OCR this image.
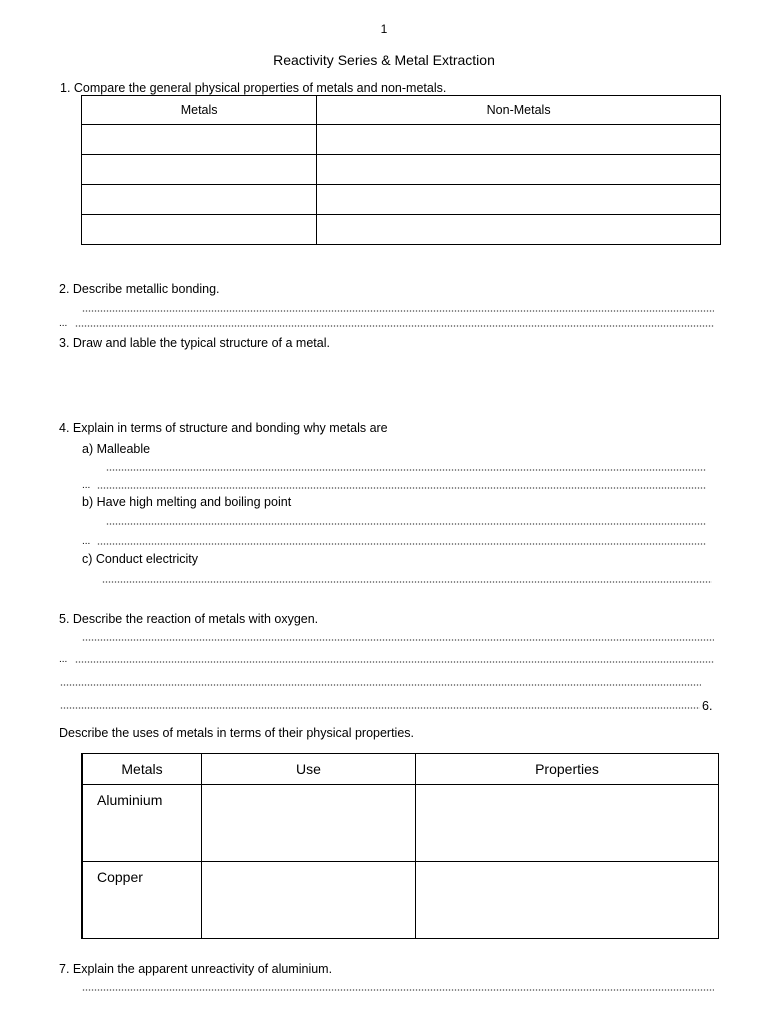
1
Reactivity Series & Metal Extraction
1. Compare the general physical properties of metals and non-metals.
Metals	Non-Metals

2. Describe metallic bonding.
...
3. Draw and lable the typical structure of a metal.
4. Explain in terms of structure and bonding why metals are
a) Malleable
...
b) Have high melting and boiling point
...
c) Conduct electricity
5. Describe the reaction of metals with oxygen.
...
6.
Describe the uses of metals in terms of their physical properties.
Metals	Use	Properties
Aluminium		
Copper		
7. Explain the apparent unreactivity of aluminium.
